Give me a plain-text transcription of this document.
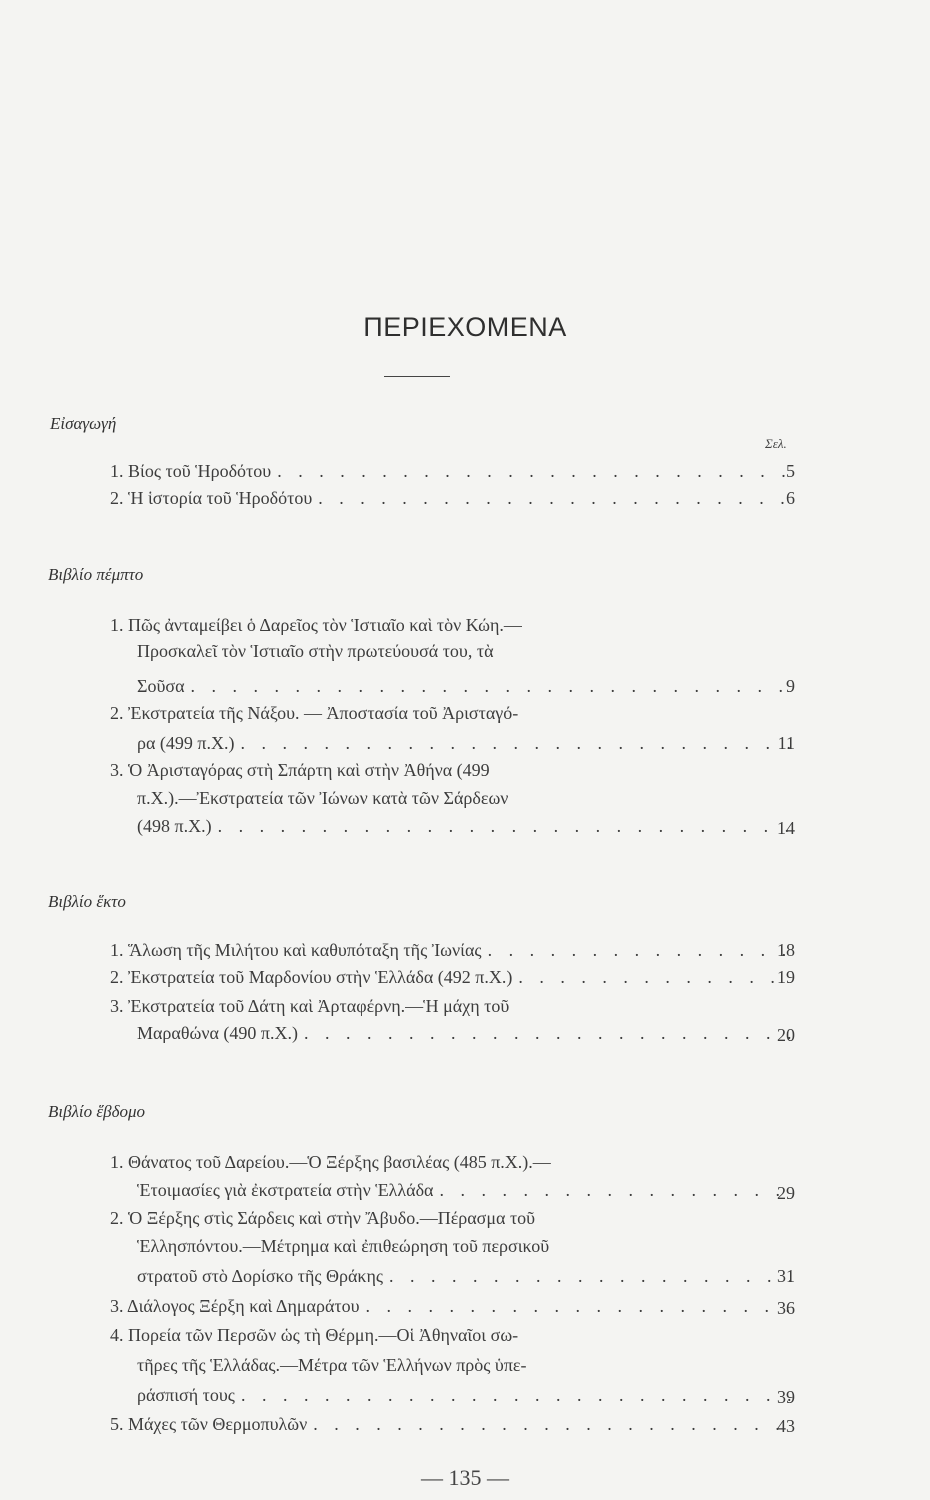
ΠΕΡΙΕΧΟΜΕΝΑ
Σελ.
Εἰσαγωγή
1. Βίος τοῦ Ἡροδότου . . .	5
2. Ἡ ἱστορία τοῦ Ἡροδότου . . .	6
Βιβλίο πέμπτο
1. Πῶς ἀνταμείβει ὁ Δαρεῖος τὸν Ἱστιαῖο καὶ τὸν Κώη.—
Προσκαλεῖ τὸν Ἱστιαῖο στὴν πρωτεύουσά του, τὰ
Σοῦσα . . .	9
2. Ἐκστρατεία τῆς Νάξου. — Ἀποστασία τοῦ Ἀρισταγό-
ρα (499 π.Χ.) . . .	11
3. Ὁ Ἀρισταγόρας στὴ Σπάρτη καὶ στὴν Ἀθήνα (499
π.Χ.).—Ἐκστρατεία τῶν Ἰώνων κατὰ τῶν Σάρδεων
(498 π.Χ.) . . .	14
Βιβλίο ἕκτο
1. Ἅλωση τῆς Μιλήτου καὶ καθυπόταξη τῆς Ἰωνίας . . .	18
2. Ἐκστρατεία τοῦ Μαρδονίου στὴν Ἑλλάδα (492 π.Χ.) . . .	19
3. Ἐκστρατεία τοῦ Δάτη καὶ Ἀρταφέρνη.—Ἡ μάχη τοῦ
Μαραθώνα (490 π.Χ.) . . .	20
Βιβλίο ἕβδομο
1. Θάνατος τοῦ Δαρείου.—Ὁ Ξέρξης βασιλέας (485 π.Χ.).—
Ἑτοιμασίες γιὰ ἐκστρατεία στὴν Ἑλλάδα . . .	29
2. Ὁ Ξέρξης στὶς Σάρδεις καὶ στὴν Ἄβυδο.—Πέρασμα τοῦ
Ἑλλησπόντου.—Μέτρημα καὶ ἐπιθεώρηση τοῦ περσικοῦ
στρατοῦ στὸ Δορίσκο τῆς Θράκης . . .	31
3. Διάλογος Ξέρξη καὶ Δημαράτου . . .	36
4. Πορεία τῶν Περσῶν ὡς τὴ Θέρμη.—Οἱ Ἀθηναῖοι σω-
τῆρες τῆς Ἑλλάδας.—Μέτρα τῶν Ἑλλήνων πρὸς ὑπε-
ράσπισή τους . . .	39
5. Μάχες τῶν Θερμοπυλῶν . . .	43
— 135 —
